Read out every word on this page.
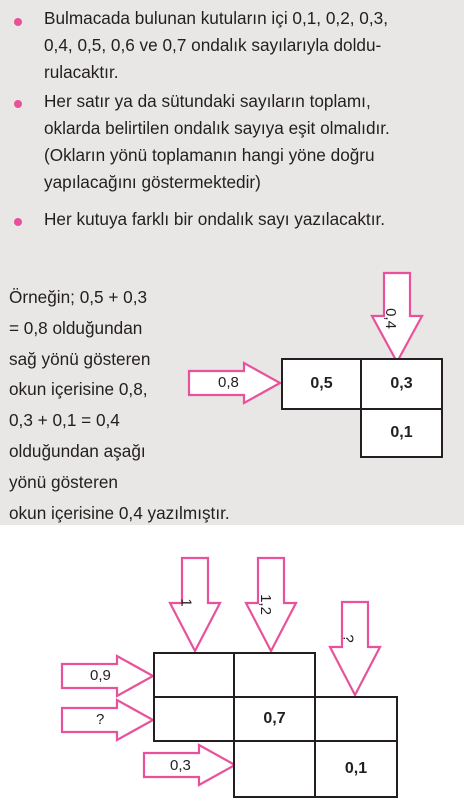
Bulmacada bulunan kutuların içi 0,1, 0,2, 0,3,
0,4, 0,5, 0,6 ve 0,7 ondalık sayılarıyla doldu-
rulacaktır.
Her satır ya da sütundaki sayıların toplamı,
oklarda belirtilen ondalık sayıya eşit olmalıdır.
(Okların yönü toplamanın hangi yöne doğru
yapılacağını göstermektedir)
Her kutuya farklı bir ondalık sayı yazılacaktır.
Örneğin; 0,5 + 0,3
= 0,8 olduğundan
sağ yönü gösteren
okun içerisine 0,8,
0,3 + 0,1 = 0,4
olduğundan aşağı
yönü gösteren
okun içerisine 0,4 yazılmıştır.
0,8
0,4
0,5	0,3
0,1
1	1,2
?
0,9
?
0,3
0,7
0,1
